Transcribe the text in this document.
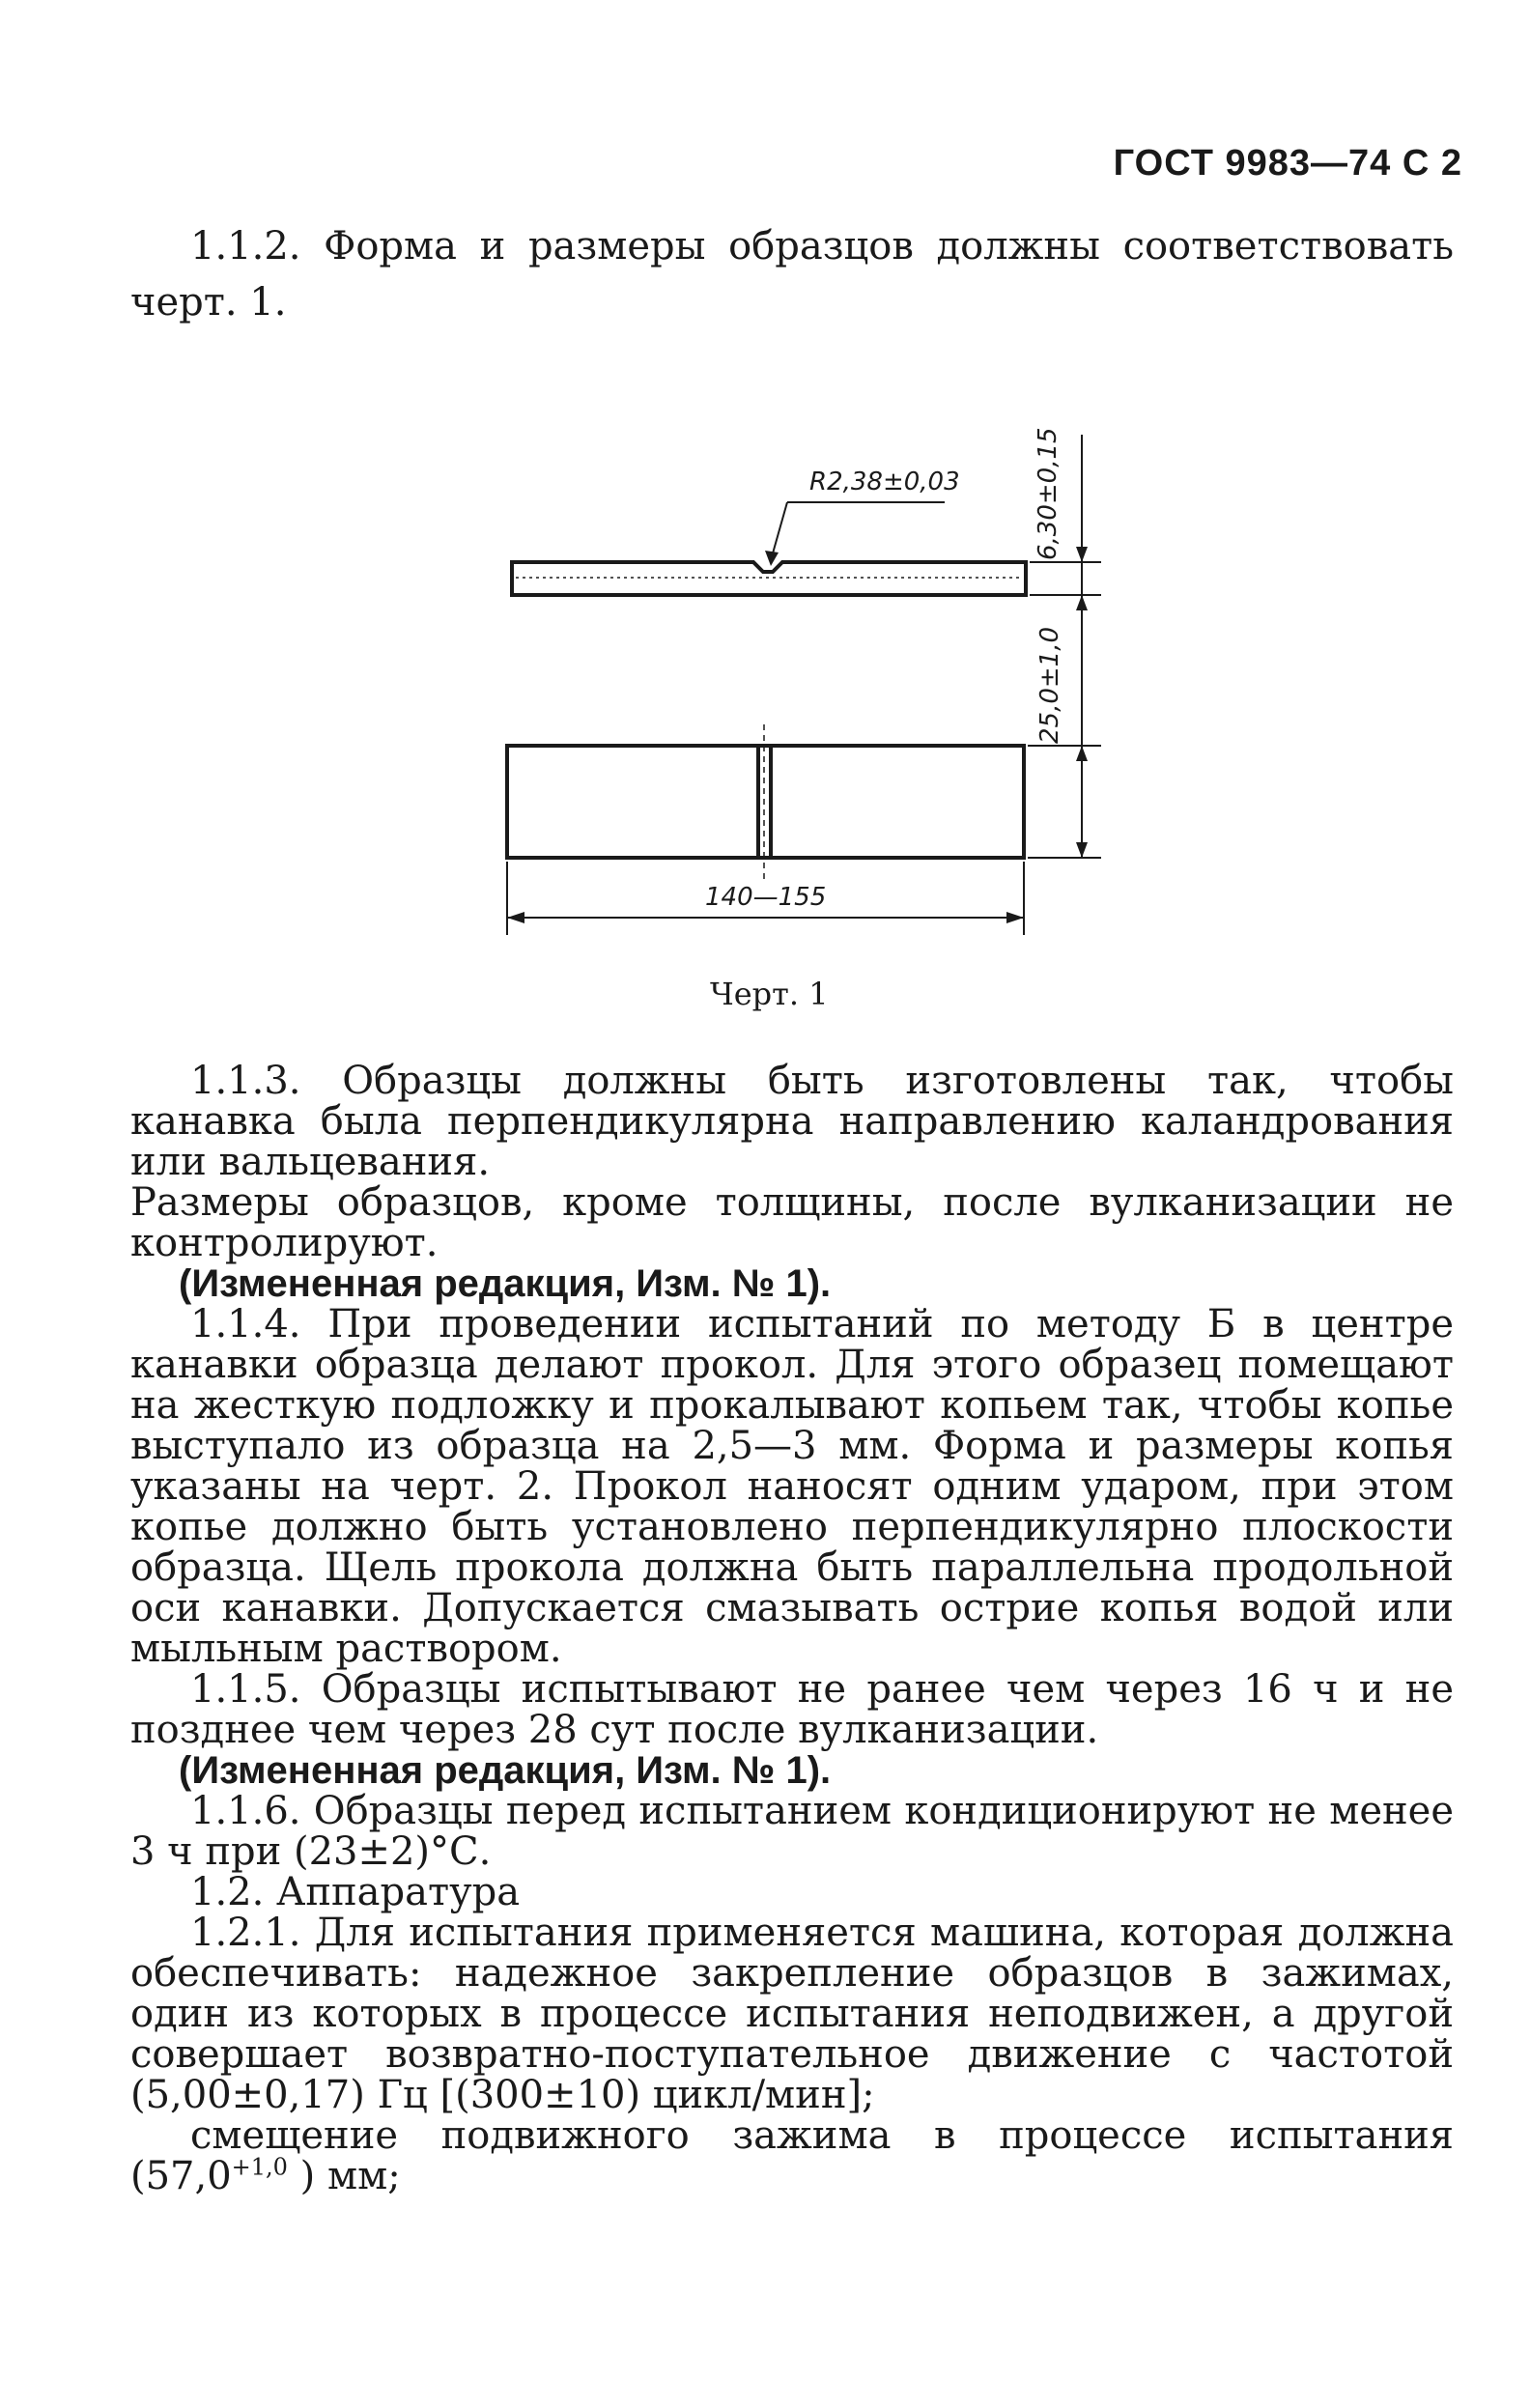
ГОСТ 9983—74 С 2

1.1.2. Форма и размеры образцов должны соответствовать черт. 1.

R2,38±0,03	6,30±0,15
25,0±1,0
140—155
Черт. 1

1.1.3. Образцы должны быть изготовлены так, чтобы канавка была перпендикулярна направлению каландрования или вальцевания.

Размеры образцов, кроме толщины, после вулканизации не контролируют.

(Измененная редакция, Изм. № 1).

1.1.4. При проведении испытаний по методу Б в центре канавки образца делают прокол. Для этого образец помещают на жесткую подложку и прокалывают копьем так, чтобы копье выступало из образца на 2,5—3 мм. Форма и размеры копья указаны на черт. 2. Прокол наносят одним ударом, при этом копье должно быть установлено перпендикулярно плоскости образца. Щель прокола должна быть параллельна продольной оси канавки. Допускается смазывать острие копья водой или мыльным раствором.

1.1.5. Образцы испытывают не ранее чем через 16 ч и не позднее чем через 28 сут после вулканизации.

(Измененная редакция, Изм. № 1).

1.1.6. Образцы перед испытанием кондиционируют не менее 3 ч при (23±2)°С.

1.2. Аппаратура

1.2.1. Для испытания применяется машина, которая должна обеспечивать: надежное закрепление образцов в зажимах, один из которых в процессе испытания неподвижен, а другой совершает возвратно-поступательное движение с частотой (5,00±0,17) Гц [(300±10) цикл/мин];

смещение подвижного зажима в процессе испытания ($57,0^{+1,0}$ ) мм;
